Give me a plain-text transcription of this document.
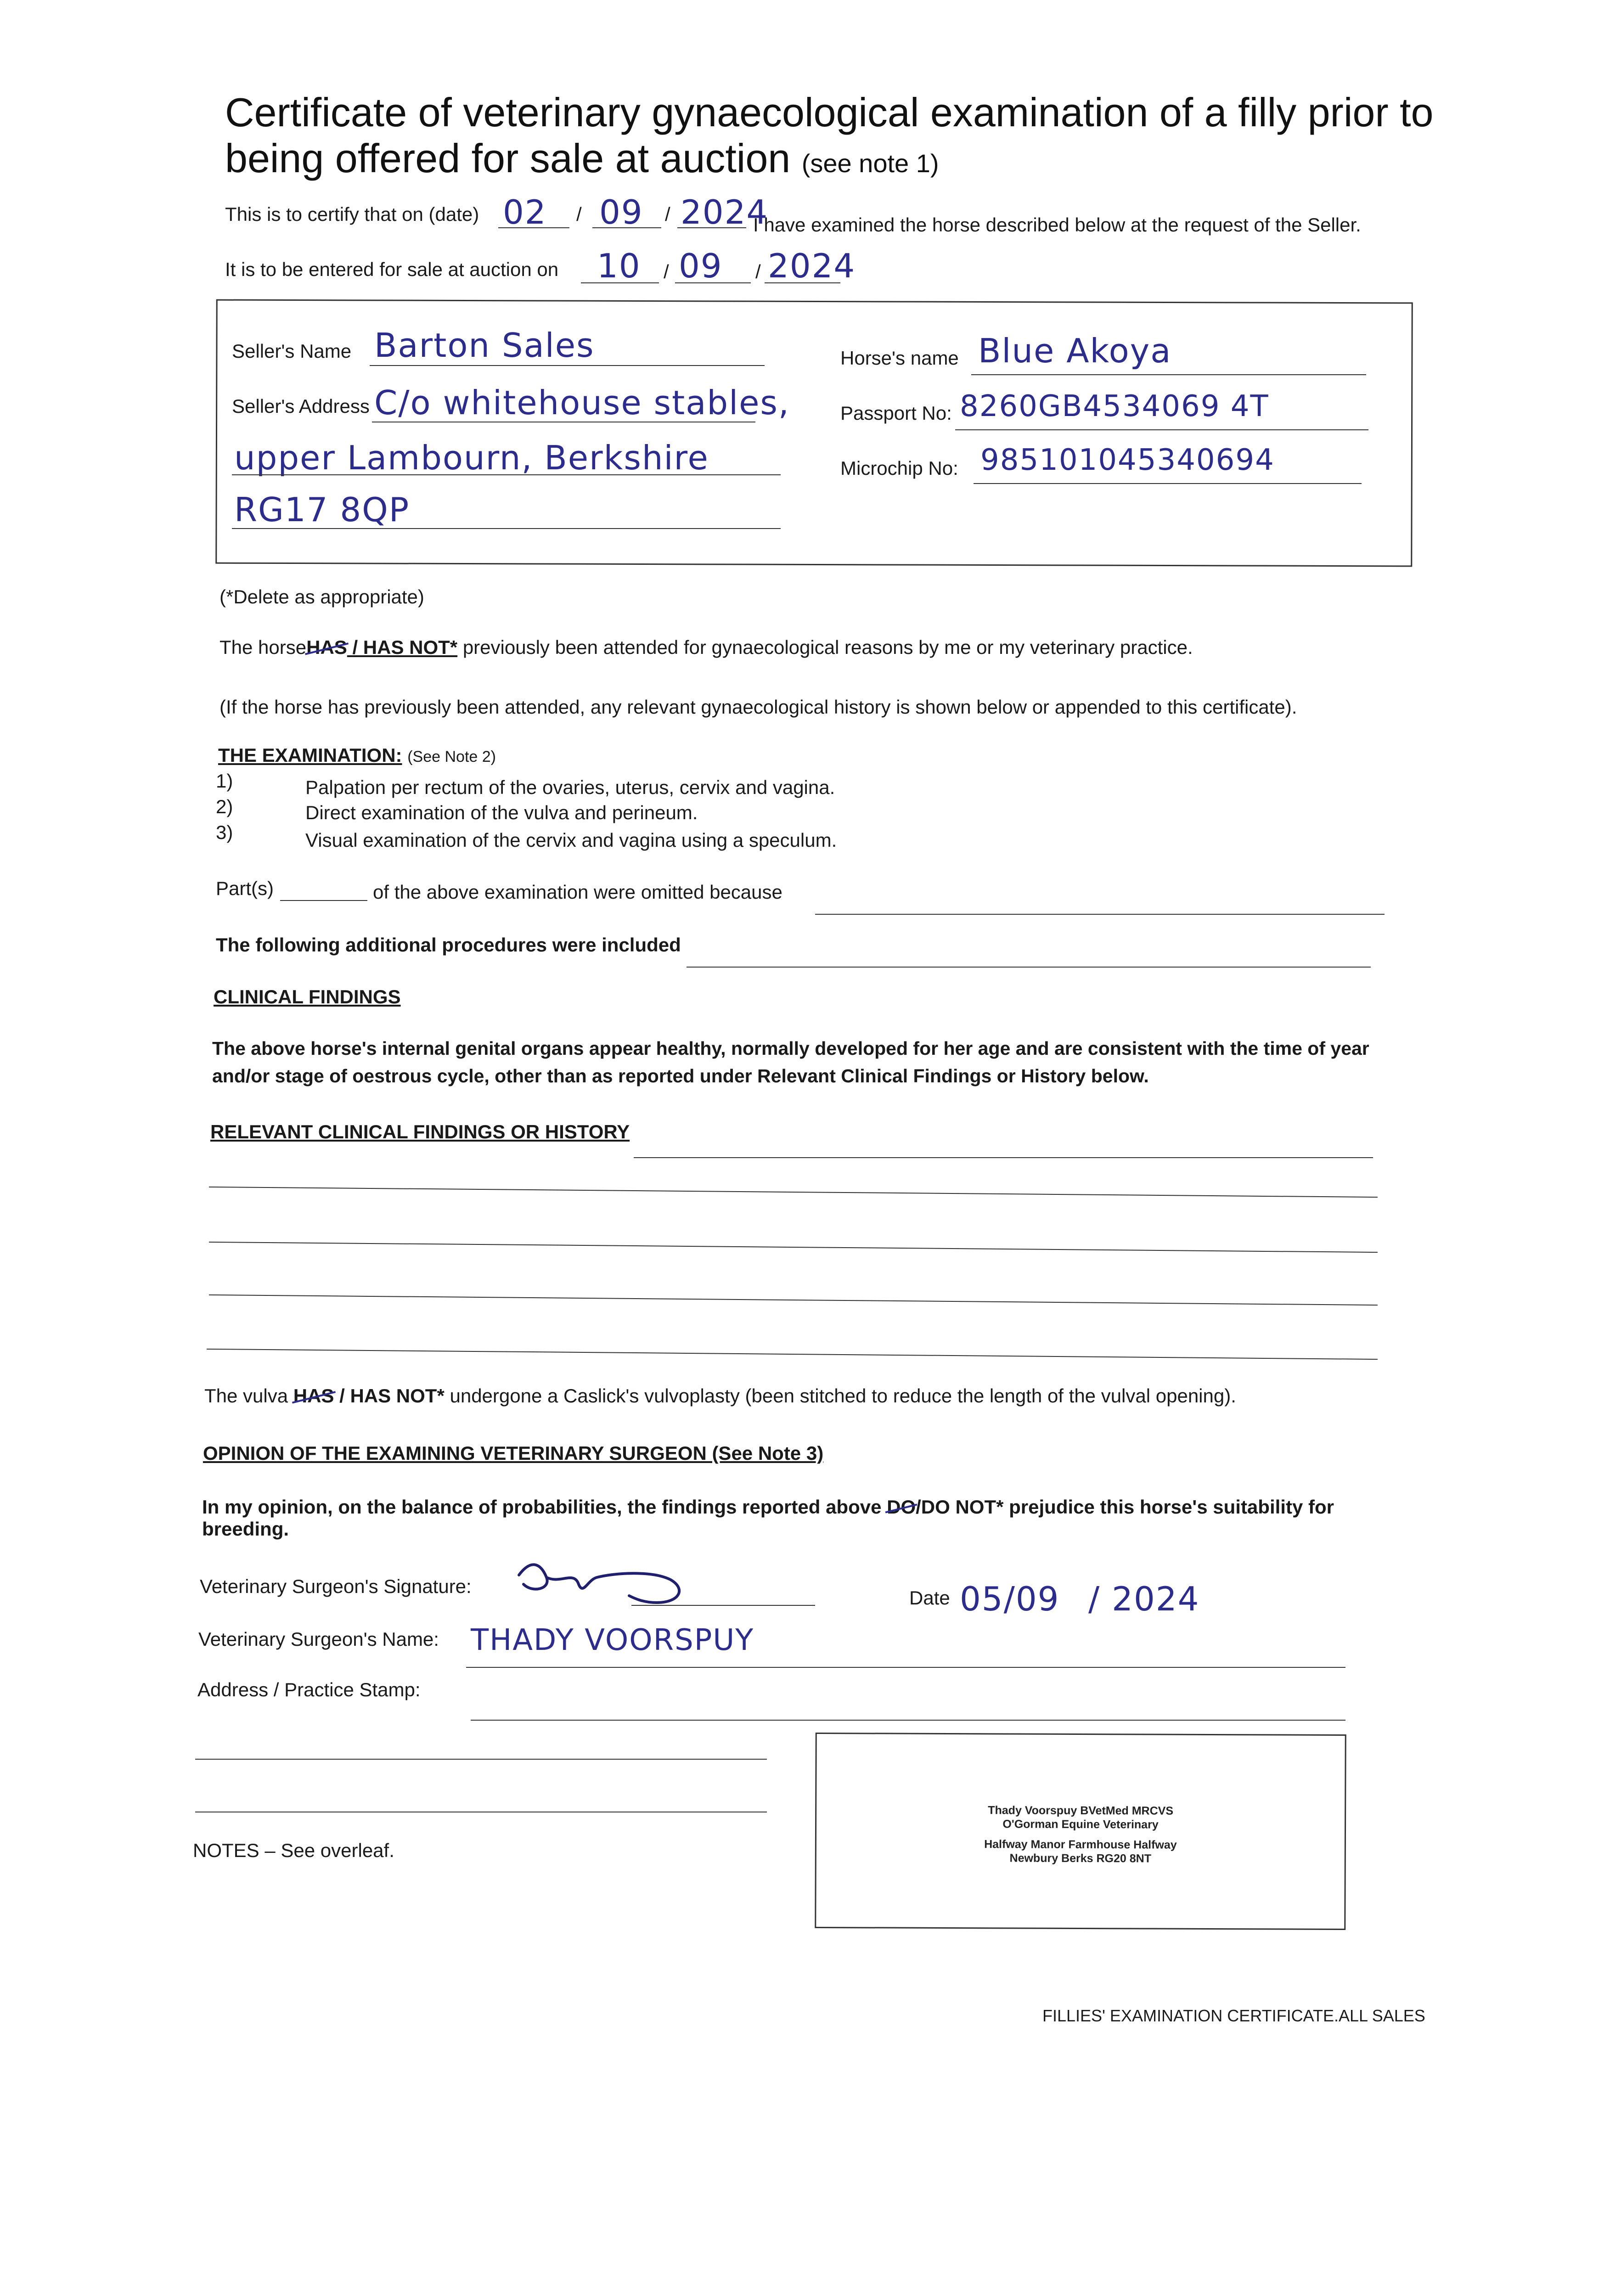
Certificate of veterinary gynaecological examination of a filly prior to
being offered for sale at auction (see note 1)
This is to certify that on (date) 02 / 09 / 2024
I have examined the horse described below at the request of the Seller.
It is to be entered for sale at auction on 10 / 09 / 2024
Seller's Name Barton Sales
Seller's Address C/o whitehouse stables,
upper Lambourn, Berkshire
RG17 8QP
Horse's name Blue Akoya
Passport No: 8260GB4534069 4T
Microchip No: 985101045340694
(*Delete as appropriate)
The horseHAS / HAS NOT* previously been attended for gynaecological reasons by me or my veterinary practice.
(If the horse has previously been attended, any relevant gynaecological history is shown below or appended to this certificate).
THE EXAMINATION: (See Note 2)
1)	Palpation per rectum of the ovaries, uterus, cervix and vagina.
2)	Direct examination of the vulva and perineum.
3)	Visual examination of the cervix and vagina using a speculum.
Part(s)	of the above examination were omitted because
The following additional procedures were included
CLINICAL FINDINGS
The above horse's internal genital organs appear healthy, normally developed for her age and are consistent with the time of year
and/or stage of oestrous cycle, other than as reported under Relevant Clinical Findings or History below.
RELEVANT CLINICAL FINDINGS OR HISTORY
The vulva HAS / HAS NOT* undergone a Caslick's vulvoplasty (been stitched to reduce the length of the vulval opening).
OPINION OF THE EXAMINING VETERINARY SURGEON (See Note 3)
In my opinion, on the balance of probabilities, the findings reported above DO/DO NOT* prejudice this horse's suitability for
breeding.
Veterinary Surgeon's Signature:
Date 05/09 / 2024
Veterinary Surgeon's Name: THADY VOORSPUY
Address / Practice Stamp:
Thady Voorspuy BVetMed MRCVS
O'Gorman Equine Veterinary
Halfway Manor Farmhouse Halfway
Newbury Berks RG20 8NT
NOTES – See overleaf.
FILLIES' EXAMINATION CERTIFICATE.ALL SALES
